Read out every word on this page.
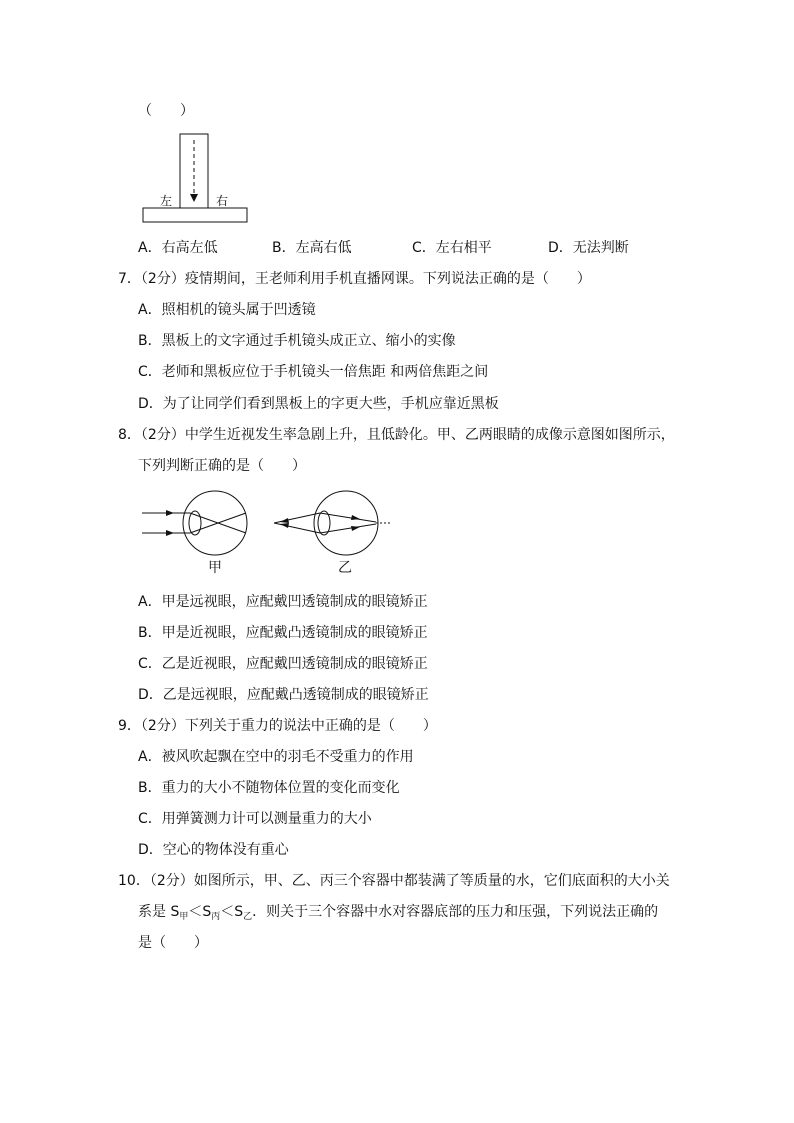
（　　）
左	右
A．右高左低	B．左高右低	C．左右相平	D．无法判断
7．（2分）疫情期间，王老师利用手机直播网课。下列说法正确的是（　　）
A．照相机的镜头属于凹透镜
B．黑板上的文字通过手机镜头成正立、缩小的实像
C．老师和黑板应位于手机镜头一倍焦距 和两倍焦距之间
D．为了让同学们看到黑板上的字更大些，手机应靠近黑板
8．（2分）中学生近视发生率急剧上升，且低龄化。甲、乙两眼睛的成像示意图如图所示，
下列判断正确的是（　　）
甲	乙
A．甲是远视眼，应配戴凹透镜制成的眼镜矫正
B．甲是近视眼，应配戴凸透镜制成的眼镜矫正
C．乙是近视眼，应配戴凹透镜制成的眼镜矫正
D．乙是远视眼，应配戴凸透镜制成的眼镜矫正
9．（2分）下列关于重力的说法中正确的是（　　）
A．被风吹起飘在空中的羽毛不受重力的作用
B．重力的大小不随物体位置的变化而变化
C．用弹簧测力计可以测量重力的大小
D．空心的物体没有重心
10．（2分）如图所示，甲、乙、丙三个容器中都装满了等质量的水，它们底面积的大小关
系是 $S_甲<S_丙<S_乙$．则关于三个容器中水对容器底部的压力和压强，下列说法正确的
是（　　）
